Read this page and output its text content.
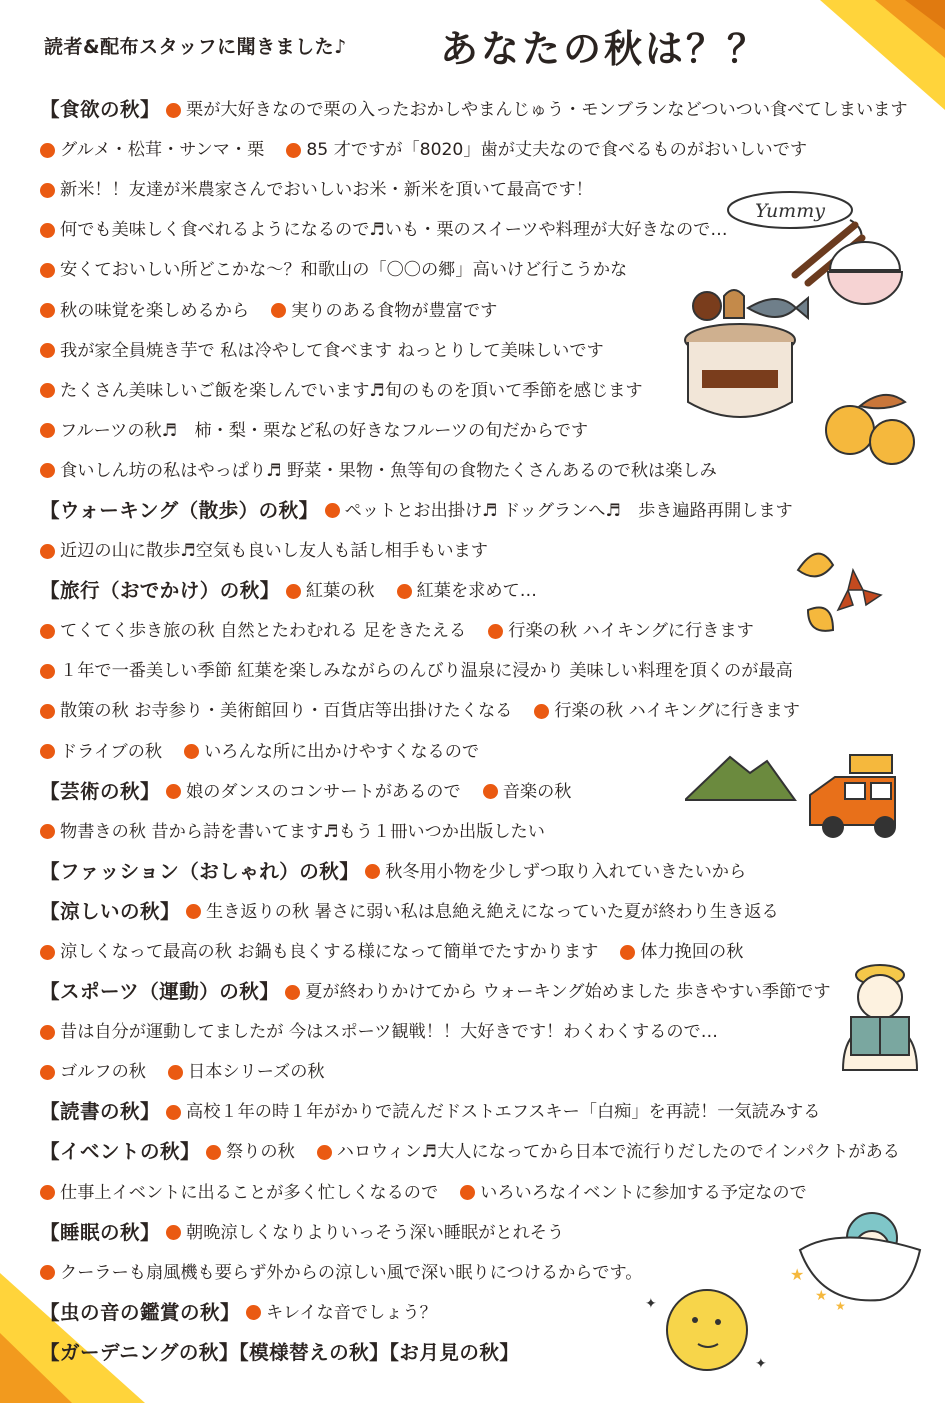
読者&配布スタッフに聞きました♪ あなたの秋は？？
【食欲の秋】 栗が大好きなので栗の入ったおかしやまんじゅう・モンブランなどついつい食べてしまいます
グルメ・松茸・サンマ・栗 85 才ですが「8020」歯が丈夫なので食べるものがおいしいです
新米！！友達が米農家さんでおいしいお米・新米を頂いて最高です！
何でも美味しく食べれるようになるので♬いも・栗のスイーツや料理が大好きなので…
安くておいしい所どこかな～？和歌山の「〇〇の郷」高いけど行こうかな
秋の味覚を楽しめるから 実りのある食物が豊富です
我が家全員焼き芋で 私は冷やして食べます ねっとりして美味しいです
たくさん美味しいご飯を楽しんでいます♬旬のものを頂いて季節を感じます
フルーツの秋♬　柿・梨・栗など私の好きなフルーツの旬だからです
食いしん坊の私はやっぱり♬ 野菜・果物・魚等旬の食物たくさんあるので秋は楽しみ
【ウォーキング（散歩）の秋】 ペットとお出掛け♬ ドッグランへ♬　歩き遍路再開します
近辺の山に散歩♬空気も良いし友人も話し相手もいます
【旅行（おでかけ）の秋】 紅葉の秋 紅葉を求めて…
てくてく歩き旅の秋 自然とたわむれる 足をきたえる 行楽の秋 ハイキングに行きます
１年で一番美しい季節 紅葉を楽しみながらのんびり温泉に浸かり 美味しい料理を頂くのが最高
散策の秋 お寺参り・美術館回り・百貨店等出掛けたくなる 行楽の秋 ハイキングに行きます
ドライブの秋 いろんな所に出かけやすくなるので
【芸術の秋】 娘のダンスのコンサートがあるので 音楽の秋
物書きの秋 昔から詩を書いてます♬もう１冊いつか出版したい
【ファッション（おしゃれ）の秋】 秋冬用小物を少しずつ取り入れていきたいから
【涼しいの秋】 生き返りの秋 暑さに弱い私は息絶え絶えになっていた夏が終わり生き返る
涼しくなって最高の秋 お鍋も良くする様になって簡単でたすかります 体力挽回の秋
【スポーツ（運動）の秋】 夏が終わりかけてから ウォーキング始めました 歩きやすい季節です
昔は自分が運動してましたが 今はスポーツ観戦！！大好きです！わくわくするので…
ゴルフの秋 日本シリーズの秋
【読書の秋】 高校１年の時１年がかりで読んだドストエフスキー「白痴」を再読！一気読みする
【イベントの秋】 祭りの秋 ハロウィン♬大人になってから日本で流行りだしたのでインパクトがある
仕事上イベントに出ることが多く忙しくなるので いろいろなイベントに参加する予定なので
【睡眠の秋】 朝晩涼しくなりよりいっそう深い睡眠がとれそう
クーラーも扇風機も要らず外からの涼しい風で深い眠りにつけるからです。
【虫の音の鑑賞の秋】 キレイな音でしょう？
【ガーデニングの秋】【模様替えの秋】【お月見の秋】
Yummy
★
★
★
✦
✦
